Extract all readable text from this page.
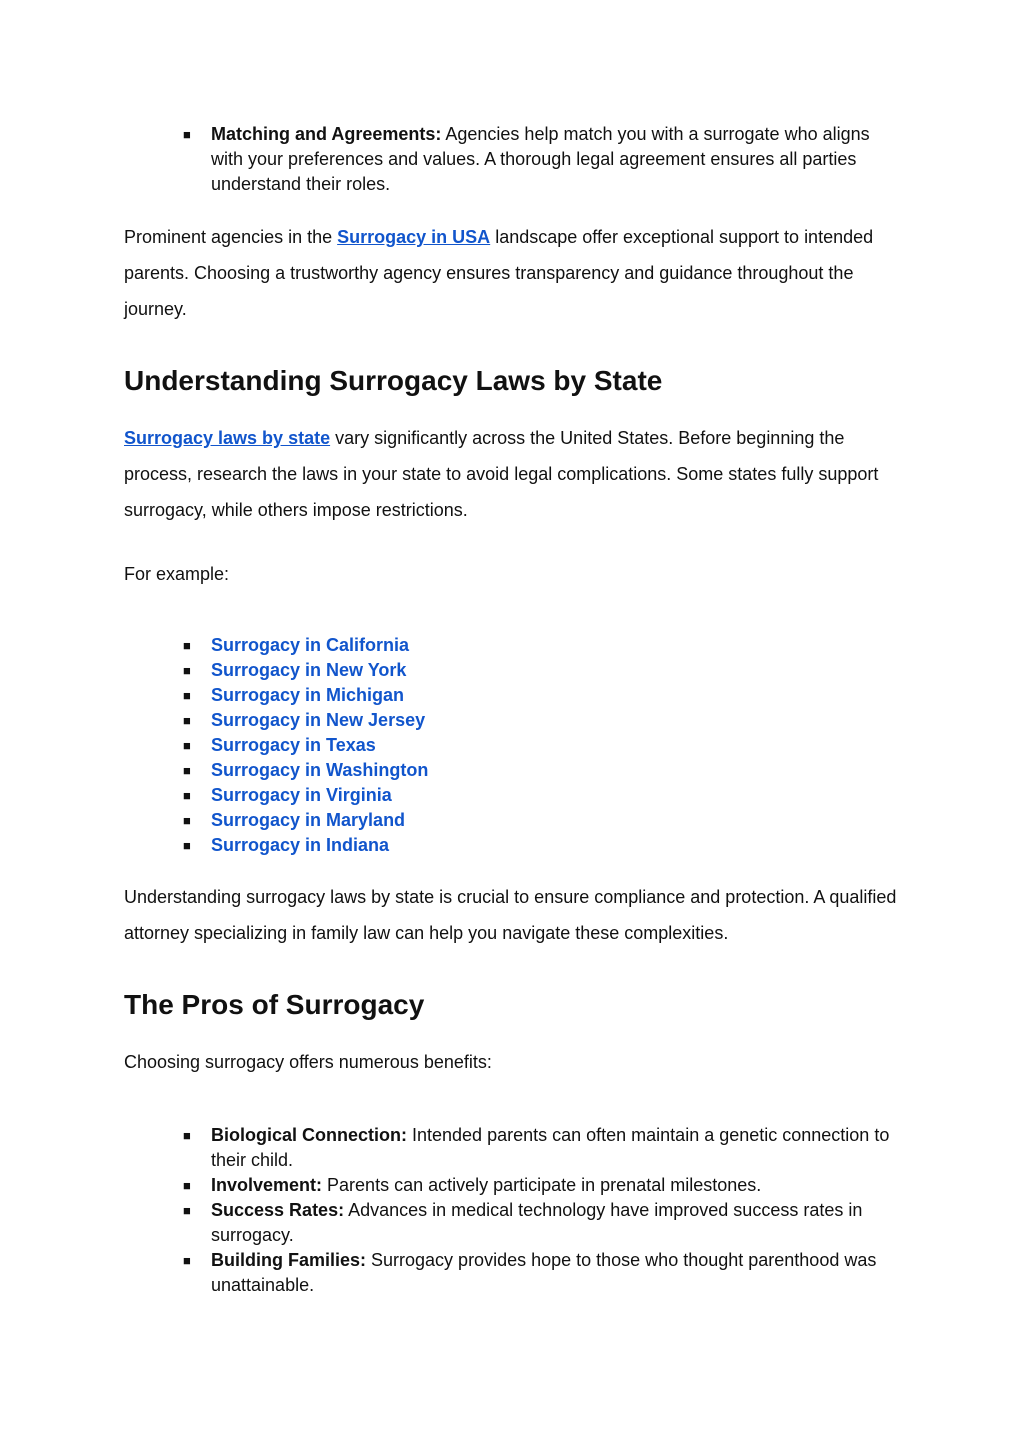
■ Matching and Agreements: Agencies help match you with a surrogate who aligns with your preferences and values. A thorough legal agreement ensures all parties understand their roles.

Prominent agencies in the Surrogacy in USA landscape offer exceptional support to intended parents. Choosing a trustworthy agency ensures transparency and guidance throughout the journey.

Understanding Surrogacy Laws by State

Surrogacy laws by state vary significantly across the United States. Before beginning the process, research the laws in your state to avoid legal complications. Some states fully support surrogacy, while others impose restrictions.

For example:

■ Surrogacy in California
■ Surrogacy in New York
■ Surrogacy in Michigan
■ Surrogacy in New Jersey
■ Surrogacy in Texas
■ Surrogacy in Washington
■ Surrogacy in Virginia
■ Surrogacy in Maryland
■ Surrogacy in Indiana

Understanding surrogacy laws by state is crucial to ensure compliance and protection. A qualified attorney specializing in family law can help you navigate these complexities.

The Pros of Surrogacy

Choosing surrogacy offers numerous benefits:

■ Biological Connection: Intended parents can often maintain a genetic connection to their child.
■ Involvement: Parents can actively participate in prenatal milestones.
■ Success Rates: Advances in medical technology have improved success rates in surrogacy.
■ Building Families: Surrogacy provides hope to those who thought parenthood was unattainable.
